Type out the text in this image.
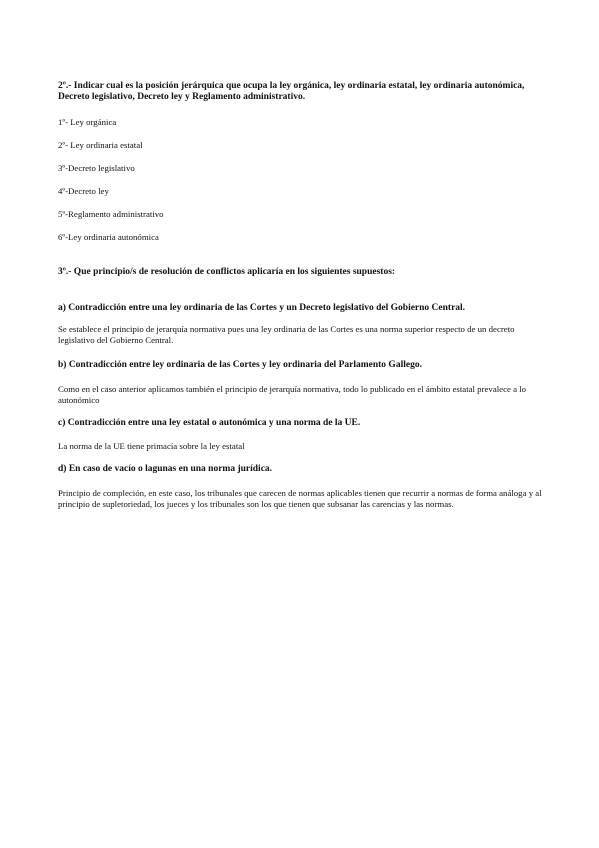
2º.- Indicar cual es la posición jerárquica que ocupa la ley orgánica, ley ordinaria estatal, ley ordinaria autonómica, Decreto legislativo, Decreto ley y Reglamento administrativo.

1º- Ley orgánica

2º- Ley ordinaria estatal

3º-Decreto legislativo

4º-Decreto ley

5º-Reglamento administrativo

6º-Ley ordinaria autonómica

3º.- Que principio/s de resolución de conflictos aplicaría en los siguientes supuestos:

a) Contradicción entre una ley ordinaria de las Cortes y un Decreto legislativo del Gobierno Central.

Se establece el principio de jerarquía normativa pues una ley ordinaria de las Cortes es una norma superior respecto de un decreto legislativo del Gobierno Central.

b) Contradicción entre ley ordinaria de las Cortes y ley ordinaria del Parlamento Gallego.

Como en el caso anterior aplicamos también el principio de jerarquía normativa, todo lo publicado en el ámbito estatal prevalece a lo autonómico

c) Contradicción entre una ley estatal o autonómica y una norma de la UE.

La norma de la UE tiene primacía sobre la ley estatal

d) En caso de vacío o lagunas en una norma jurídica.

Principio de compleción, en este caso, los tribunales que carecen de normas aplicables tienen que recurrir a normas de forma análoga y al principio de supletoriedad, los jueces y los tribunales son los que tienen que subsanar las carencias y las normas.
